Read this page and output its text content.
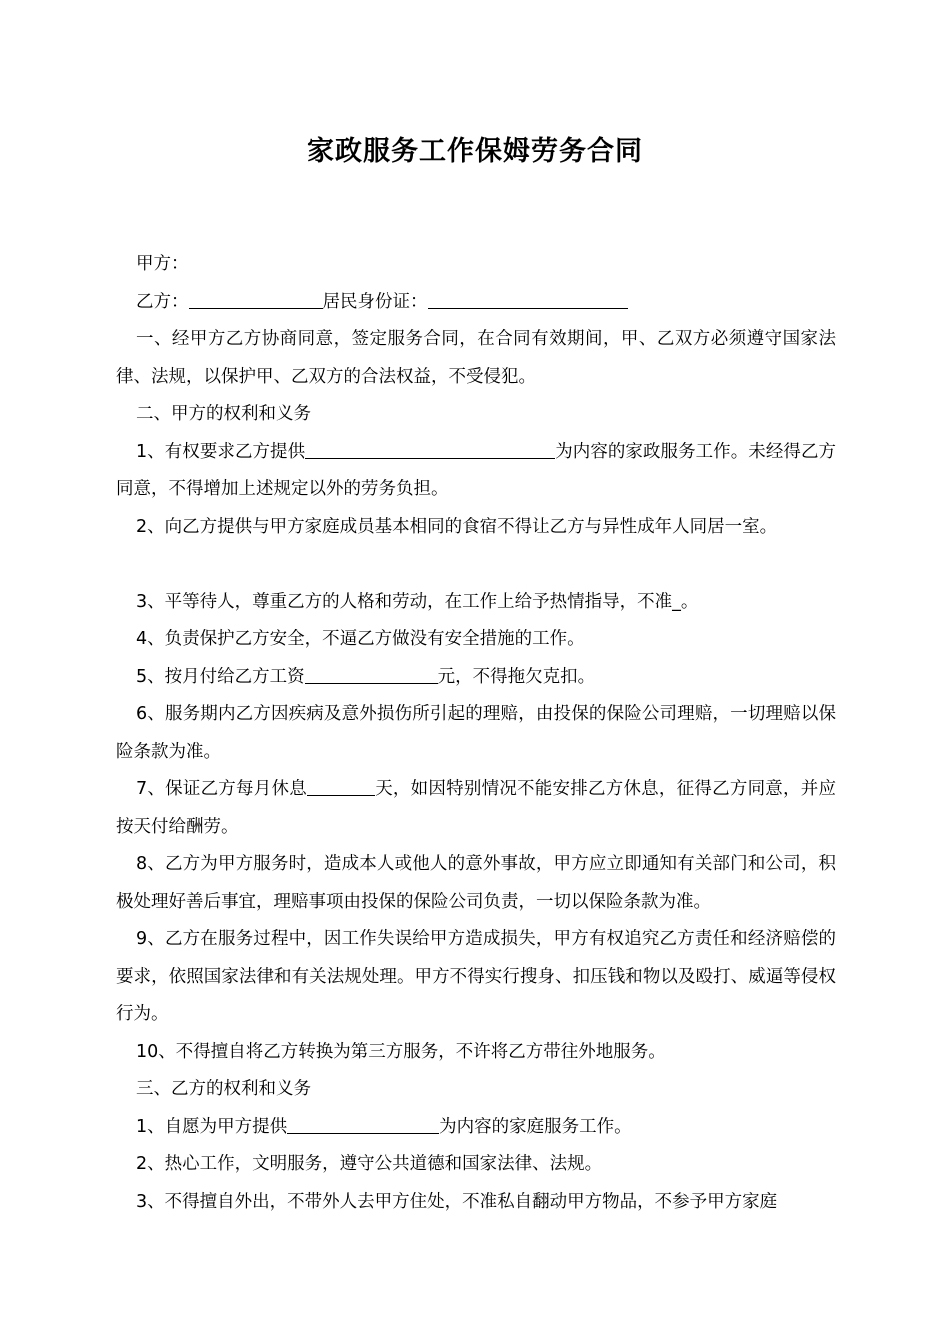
家政服务工作保姆劳务合同

甲方：

乙方：	居民身份证：

一、经甲方乙方协商同意，签定服务合同，在合同有效期间，甲、乙双方必须遵守国家法律、法规，以保护甲、乙双方的合法权益，不受侵犯。

二、甲方的权利和义务

1、有权要求乙方提供	为内容的家政服务工作。未经得乙方同意，不得增加上述规定以外的劳务负担。

2、向乙方提供与甲方家庭成员基本相同的食宿不得让乙方与异性成年人同居一室。

3、平等待人，尊重乙方的人格和劳动，在工作上给予热情指导，不准_。

4、负责保护乙方安全，不逼乙方做没有安全措施的工作。

5、按月付给乙方工资	元，不得拖欠克扣。

6、服务期内乙方因疾病及意外损伤所引起的理赔，由投保的保险公司理赔，一切理赔以保险条款为准。

7、保证乙方每月休息	天，如因特别情况不能安排乙方休息，征得乙方同意，并应按天付给酬劳。

8、乙方为甲方服务时，造成本人或他人的意外事故，甲方应立即通知有关部门和公司，积极处理好善后事宜，理赔事项由投保的保险公司负责，一切以保险条款为准。

9、乙方在服务过程中，因工作失误给甲方造成损失，甲方有权追究乙方责任和经济赔偿的要求，依照国家法律和有关法规处理。甲方不得实行搜身、扣压钱和物以及殴打、威逼等侵权行为。

10、不得擅自将乙方转换为第三方服务，不许将乙方带往外地服务。

三、乙方的权利和义务

1、自愿为甲方提供	为内容的家庭服务工作。

2、热心工作，文明服务，遵守公共道德和国家法律、法规。

3、不得擅自外出，不带外人去甲方住处，不准私自翻动甲方物品，不参予甲方家庭
